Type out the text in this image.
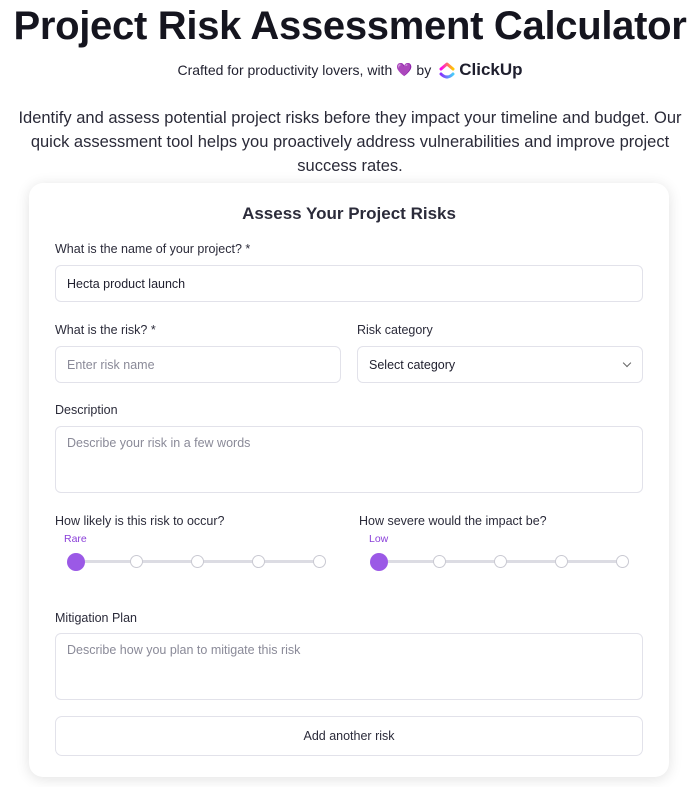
Project Risk Assessment Calculator
Crafted for productivity lovers, with 💜 by ClickUp

Identify and assess potential project risks before they impact your timeline and budget. Our quick assessment tool helps you proactively address vulnerabilities and improve project success rates.

Assess Your Project Risks
What is the name of your project? *
Hecta product launch
What is the risk? *
Enter risk name
Risk category
Select category
Description
Describe your risk in a few words
How likely is this risk to occur?
Rare
How severe would the impact be?
Low
Mitigation Plan
Describe how you plan to mitigate this risk
Add another risk
